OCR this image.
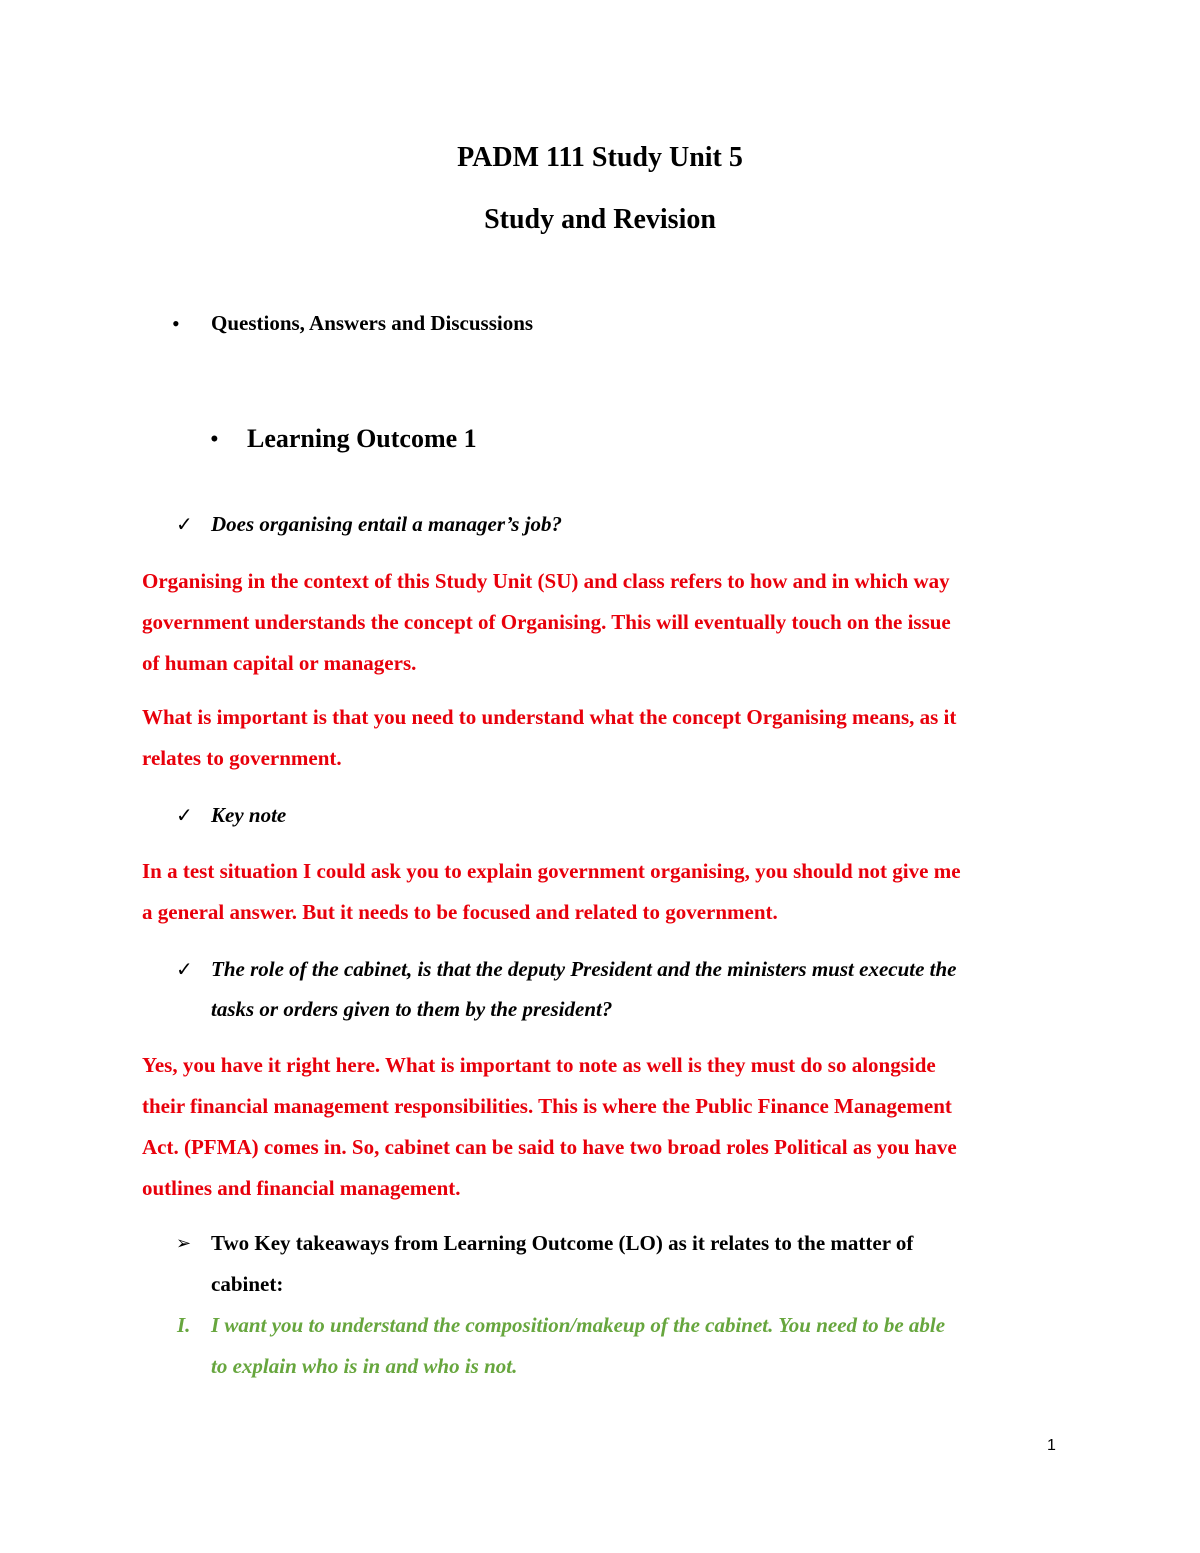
PADM 111 Study Unit 5
Study and Revision
• Questions, Answers and Discussions
• Learning Outcome 1
✓ Does organising entail a manager’s job?
Organising in the context of this Study Unit (SU) and class refers to how and in which way
government understands the concept of Organising. This will eventually touch on the issue
of human capital or managers.
What is important is that you need to understand what the concept Organising means, as it
relates to government.
✓ Key note
In a test situation I could ask you to explain government organising, you should not give me
a general answer. But it needs to be focused and related to government.
✓ The role of the cabinet, is that the deputy President and the ministers must execute the
tasks or orders given to them by the president?
Yes, you have it right here. What is important to note as well is they must do so alongside
their financial management responsibilities. This is where the Public Finance Management
Act. (PFMA) comes in. So, cabinet can be said to have two broad roles Political as you have
outlines and financial management.
➢ Two Key takeaways from Learning Outcome (LO) as it relates to the matter of
cabinet:
I. I want you to understand the composition/makeup of the cabinet. You need to be able
to explain who is in and who is not.
1
